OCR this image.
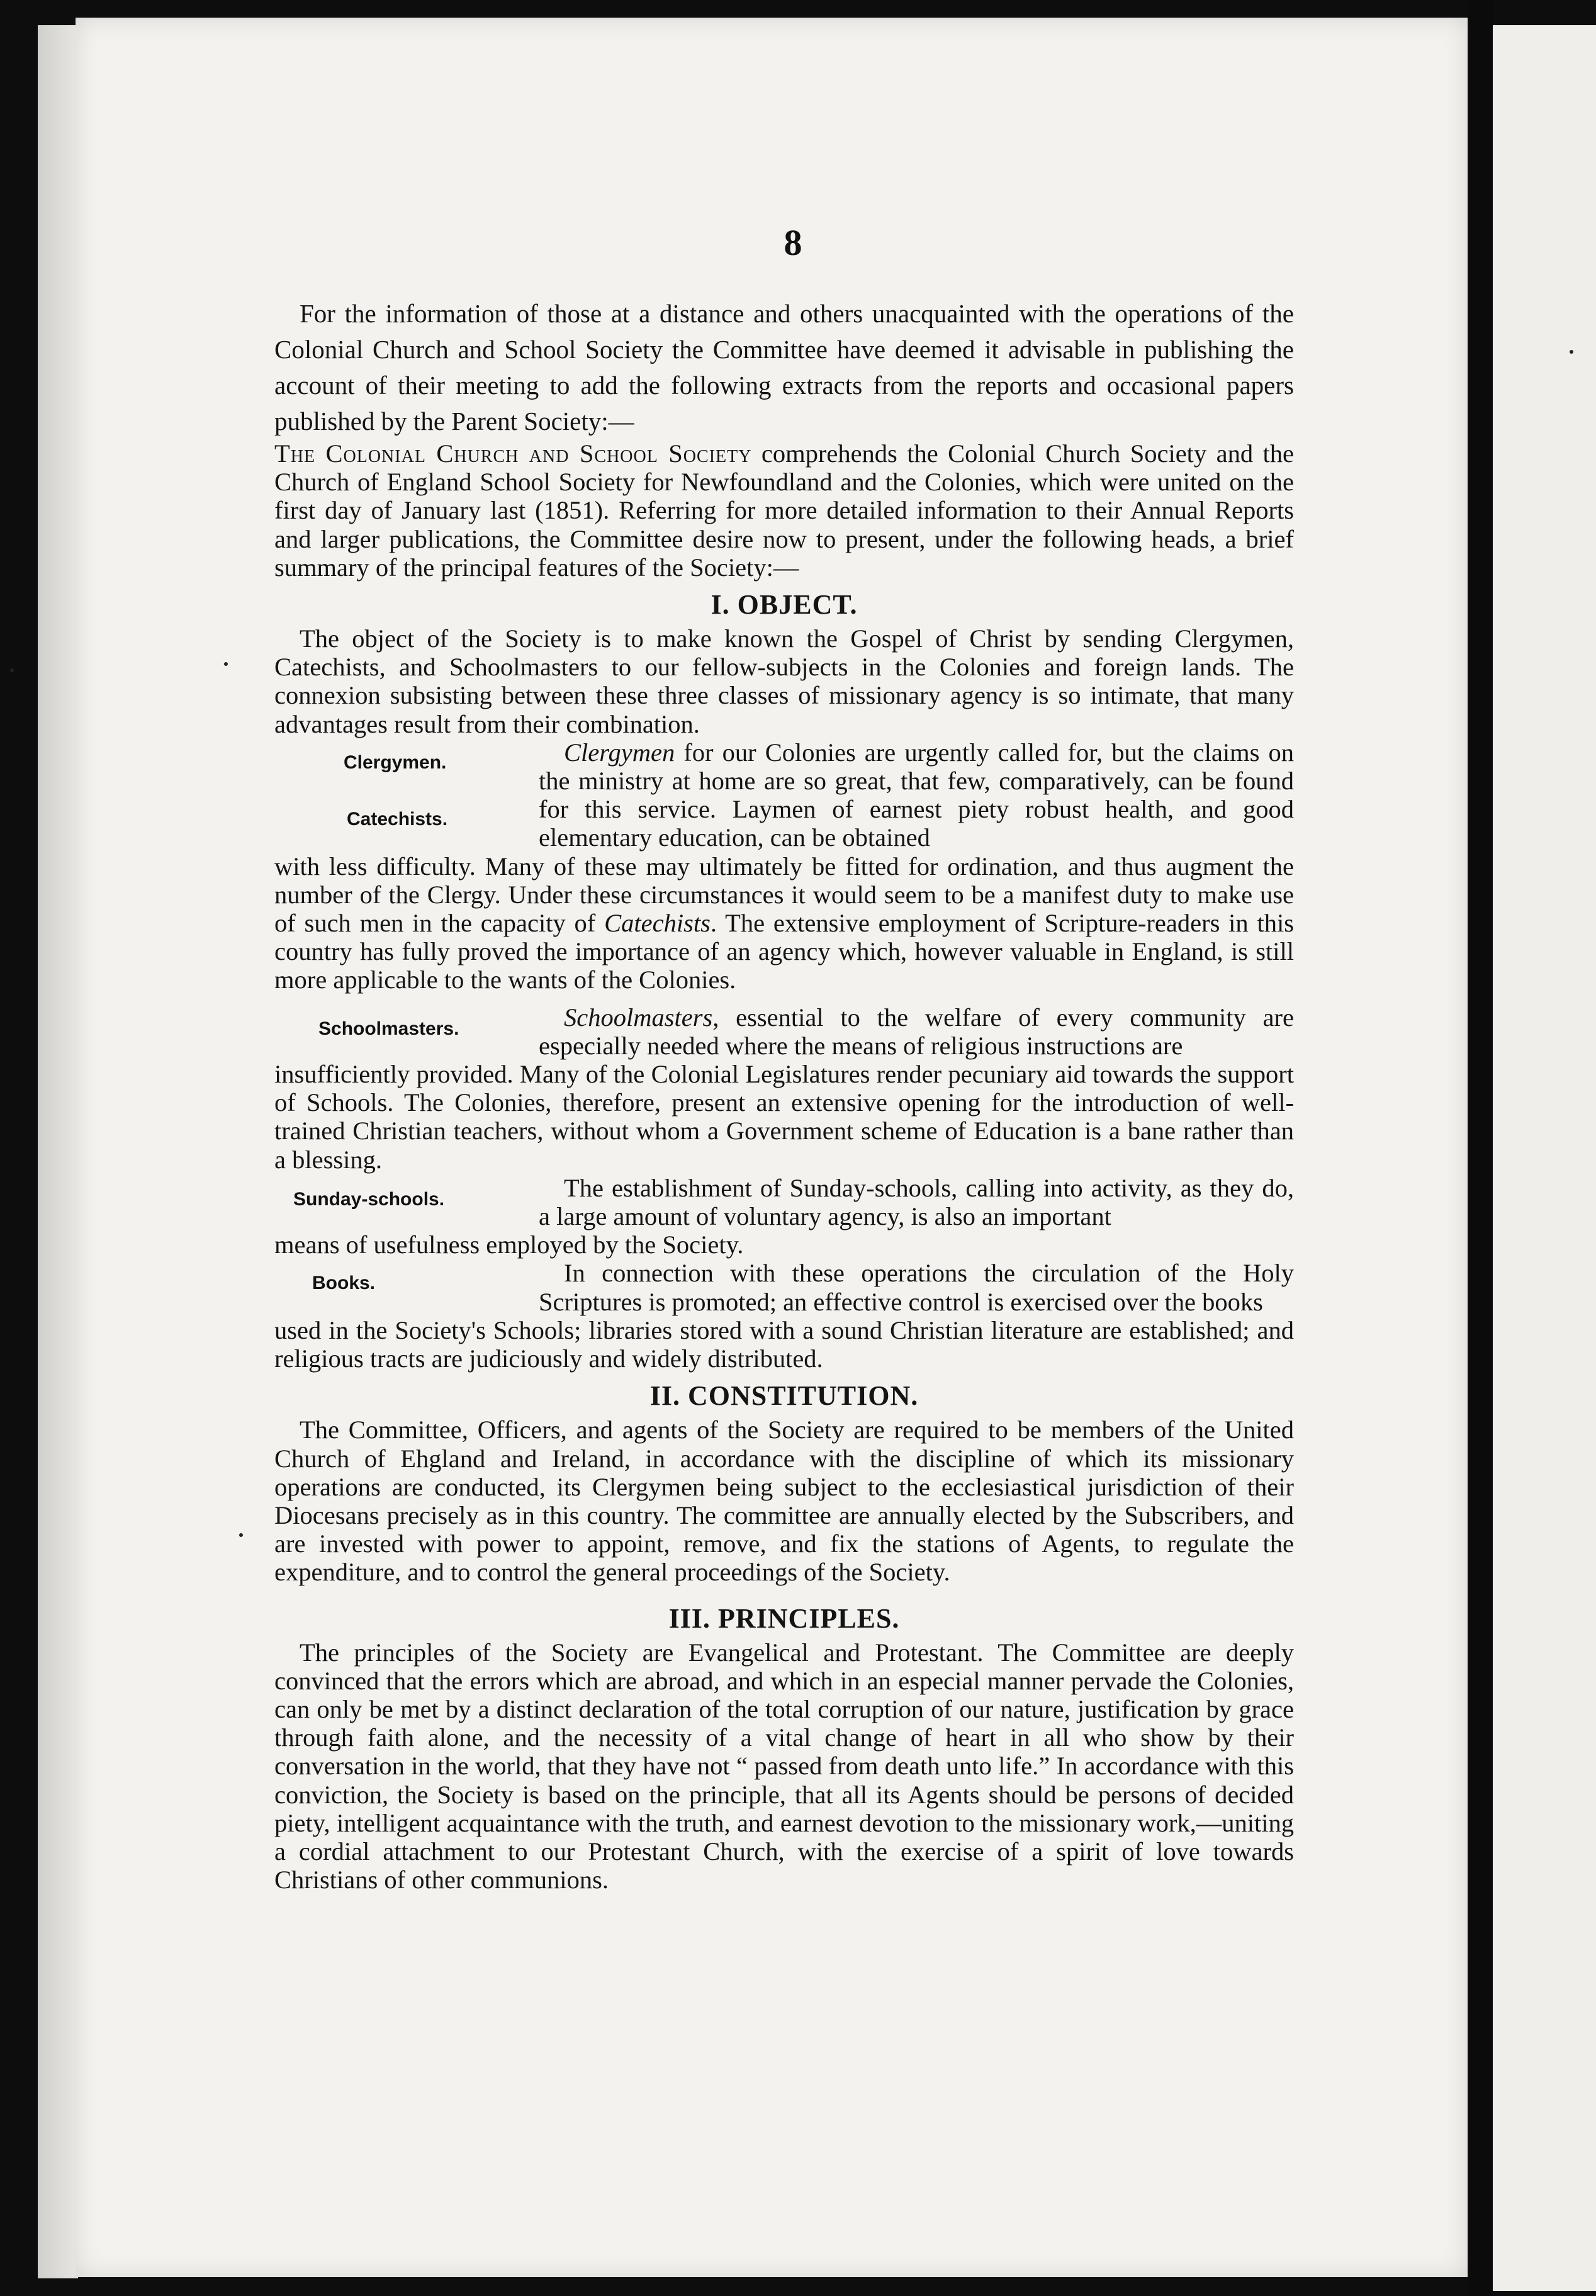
8

For the information of those at a distance and others unacquainted with the operations of the Colonial Church and School Society the Committee have deemed it advisable in publishing the account of their meeting to add the following extracts from the reports and occasional papers published by the Parent Society:—

The Colonial Church and School Society comprehends the Colonial Church Society and the Church of England School Society for Newfoundland and the Colonies, which were united on the first day of January last (1851). Referring for more detailed information to their Annual Reports and larger publications, the Committee desire now to present, under the following heads, a brief summary of the principal features of the Society:—

I. OBJECT.

The object of the Society is to make known the Gospel of Christ by sending Clergymen, Catechists, and Schoolmasters to our fellow-subjects in the Colonies and foreign lands. The connexion subsisting between these three classes of missionary agency is so intimate, that many advantages result from their combination.

Clergymen.
Catechists.

Clergymen for our Colonies are urgently called for, but the claims on the ministry at home are so great, that few, comparatively, can be found for this service. Laymen of earnest piety robust health, and good elementary education, can be obtained

with less difficulty. Many of these may ultimately be fitted for ordination, and thus augment the number of the Clergy. Under these circumstances it would seem to be a manifest duty to make use of such men in the capacity of Catechists. The extensive employment of Scripture-readers in this country has fully proved the importance of an agency which, however valuable in England, is still more applicable to the wants of the Colonies.

Schoolmasters.	Schoolmasters, essential to the welfare of every community are especially needed where the means of religious instructions are

insufficiently provided. Many of the Colonial Legislatures render pecuniary aid towards the support of Schools. The Colonies, therefore, present an extensive opening for the introduction of well-trained Christian teachers, without whom a Government scheme of Education is a bane rather than a blessing.

Sunday-schools.	The establishment of Sunday-schools, calling into activity, as they do, a large amount of voluntary agency, is also an important

means of usefulness employed by the Society.

Books.	In connection with these operations the circulation of the Holy Scriptures is promoted; an effective control is exercised over the books

used in the Society's Schools; libraries stored with a sound Christian literature are established; and religious tracts are judiciously and widely distributed.

II. CONSTITUTION.

The Committee, Officers, and agents of the Society are required to be members of the United Church of Ehgland and Ireland, in accordance with the discipline of which its missionary operations are conducted, its Clergymen being subject to the ecclesiastical jurisdiction of their Diocesans precisely as in this country. The committee are annually elected by the Subscribers, and are invested with power to appoint, remove, and fix the stations of Agents, to regulate the expenditure, and to control the general proceedings of the Society.

III. PRINCIPLES.

The principles of the Society are Evangelical and Protestant. The Committee are deeply convinced that the errors which are abroad, and which in an especial manner pervade the Colonies, can only be met by a distinct declaration of the total corruption of our nature, justification by grace through faith alone, and the necessity of a vital change of heart in all who show by their conversation in the world, that they have not “ passed from death unto life.” In accordance with this conviction, the Society is based on the principle, that all its Agents should be persons of decided piety, intelligent acquaintance with the truth, and earnest devotion to the missionary work,—uniting a cordial attachment to our Protestant Church, with the exercise of a spirit of love towards Christians of other communions.
